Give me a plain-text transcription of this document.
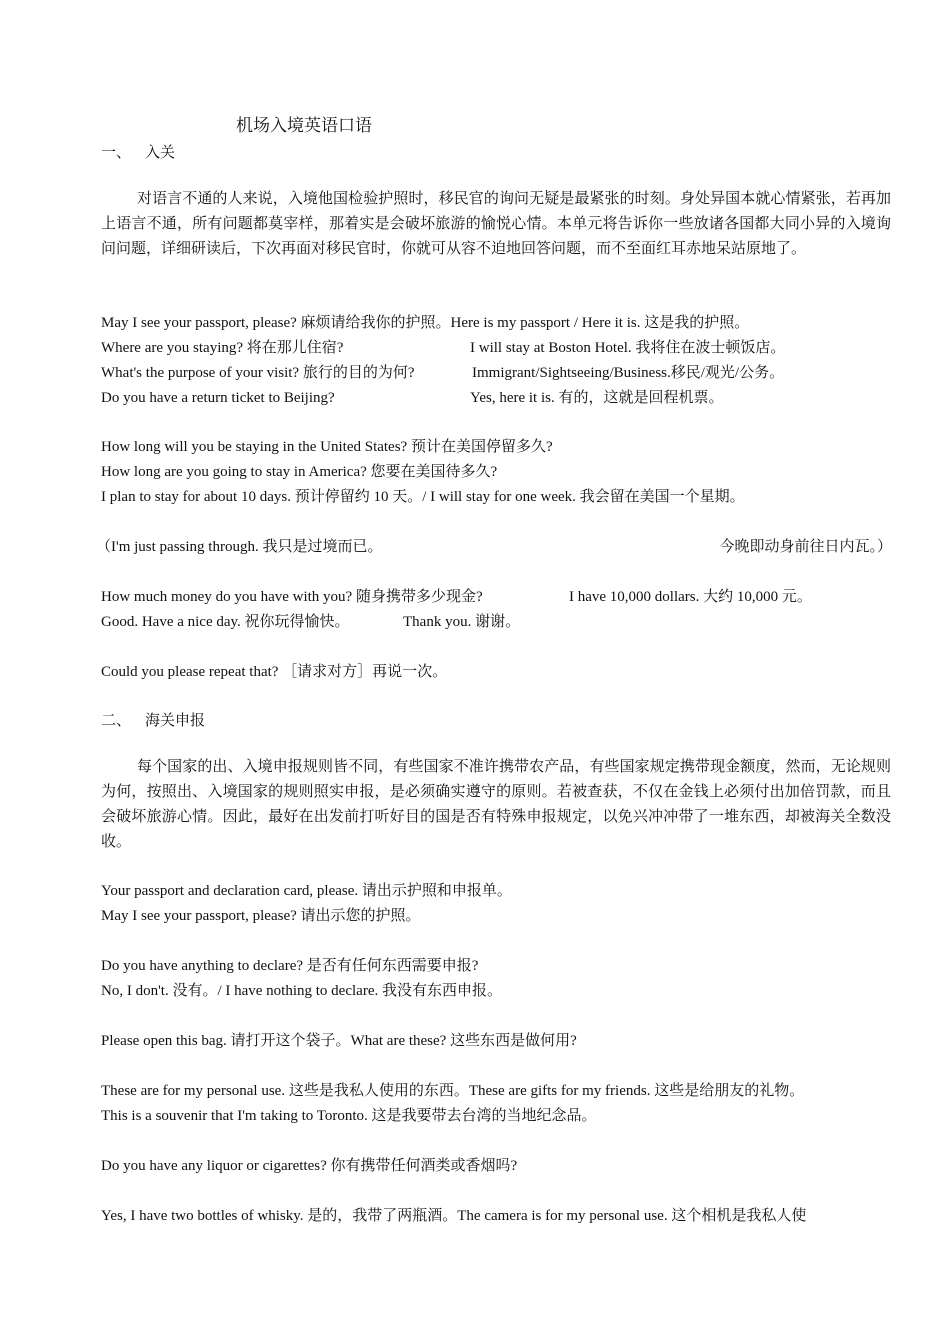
机场入境英语口语
一、 入关
对语言不通的人来说，入境他国检验护照时，移民官的询问无疑是最紧张的时刻。身处异国本就心情紧张，若再加上语言不通，所有问题都莫宰样，那着实是会破坏旅游的愉悦心情。本单元将告诉你一些放诸各国都大同小异的入境询问问题，详细研读后，下次再面对移民官时，你就可从容不迫地回答问题，而不至面红耳赤地呆站原地了。
May I see your passport, please? 麻烦请给我你的护照。Here is my passport / Here it is. 这是我的护照。
Where are you staying? 将在那儿住宿?	I will stay at Boston Hotel. 我将住在波士顿饭店。
What's the purpose of your visit? 旅行的目的为何?	Immigrant/Sightseeing/Business.移民/观光/公务。
Do you have a return ticket to Beijing?	Yes, here it is. 有的，这就是回程机票。
How long will you be staying in the United States? 预计在美国停留多久?
How long are you going to stay in America? 您要在美国待多久?
I plan to stay for about 10 days. 预计停留约 10 天。/ I will stay for one week. 我会留在美国一个星期。
（I'm just passing through. 我只是过境而已。	今晚即动身前往日内瓦。）
How much money do you have with you? 随身携带多少现金?	I have 10,000 dollars. 大约 10,000 元。
Good. Have a nice day. 祝你玩得愉快。	Thank you. 谢谢。
Could you please repeat that? ［请求对方］再说一次。
二、 海关申报
每个国家的出、入境申报规则皆不同，有些国家不准许携带农产品，有些国家规定携带现金额度，然而，无论规则为何，按照出、入境国家的规则照实申报，是必须确实遵守的原则。若被查获，不仅在金钱上必须付出加倍罚款，而且会破坏旅游心情。因此，最好在出发前打听好目的国是否有特殊申报规定，以免兴冲冲带了一堆东西，却被海关全数没收。
Your passport and declaration card, please. 请出示护照和申报单。
May I see your passport, please? 请出示您的护照。
Do you have anything to declare? 是否有任何东西需要申报?
No, I don't. 没有。/ I have nothing to declare. 我没有东西申报。
Please open this bag. 请打开这个袋子。What are these? 这些东西是做何用?
These are for my personal use. 这些是我私人使用的东西。These are gifts for my friends. 这些是给朋友的礼物。
This is a souvenir that I'm taking to Toronto. 这是我要带去台湾的当地纪念品。
Do you have any liquor or cigarettes? 你有携带任何酒类或香烟吗?
Yes, I have two bottles of whisky. 是的，我带了两瓶酒。The camera is for my personal use. 这个相机是我私人使
